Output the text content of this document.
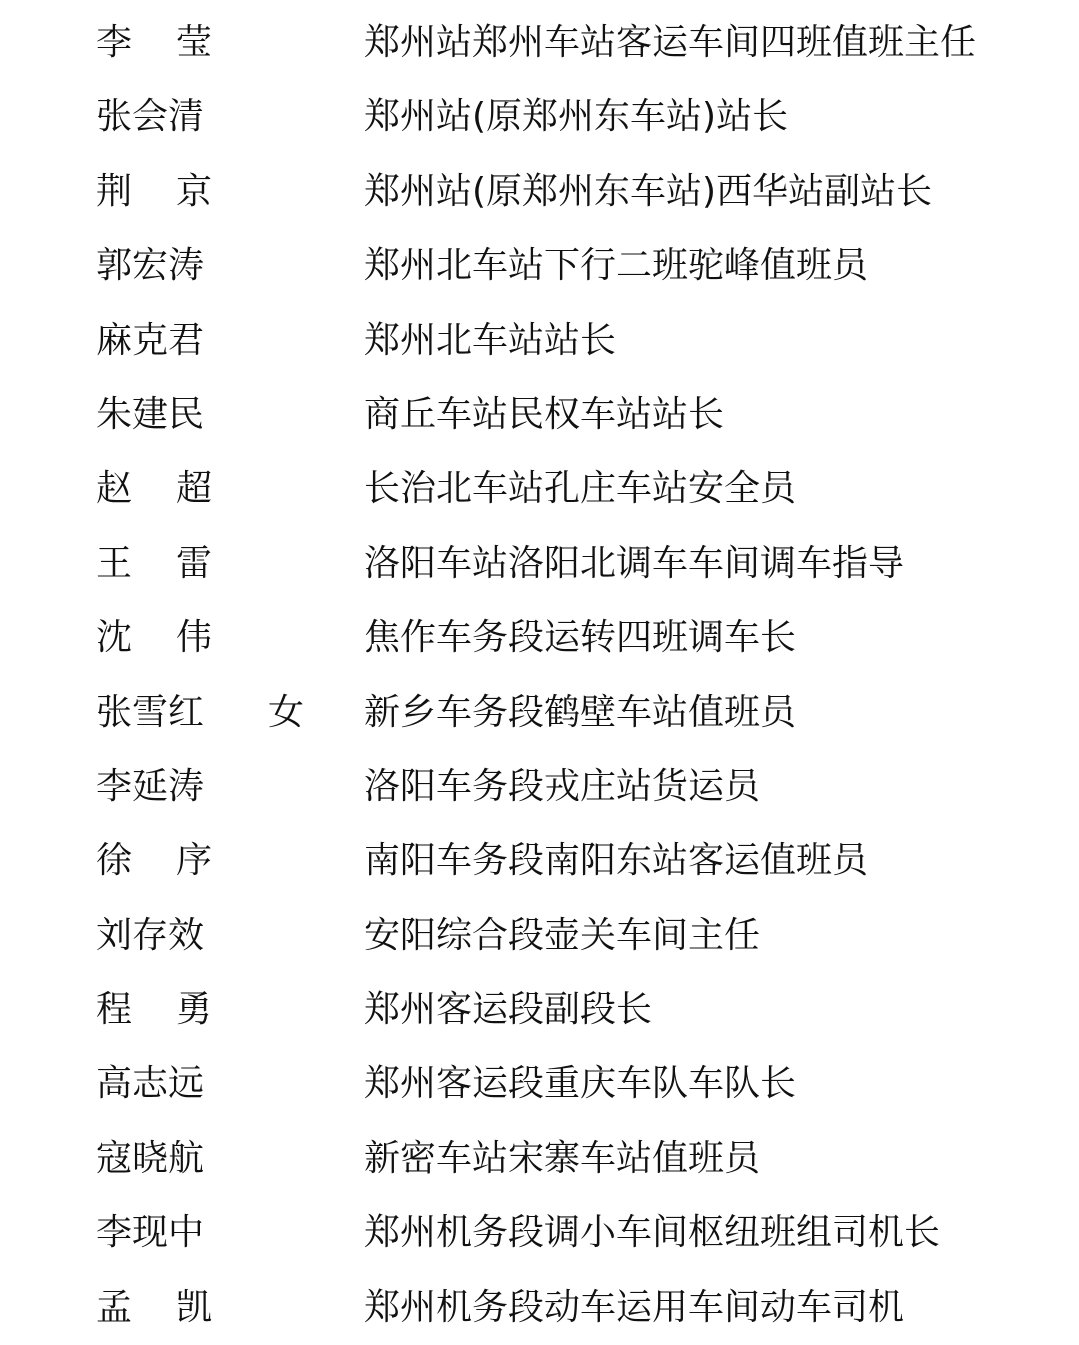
李 莹	郑州站郑州车站客运车间四班值班主任
张会清	郑州站(原郑州东车站)站长
荆 京	郑州站(原郑州东车站)西华站副站长
郭宏涛	郑州北车站下行二班驼峰值班员
麻克君	郑州北车站站长
朱建民	商丘车站民权车站站长
赵 超	长治北车站孔庄车站安全员
王 雷	洛阳车站洛阳北调车车间调车指导
沈 伟	焦作车务段运转四班调车长
张雪红 女 新乡车务段鹤壁车站值班员
李延涛	洛阳车务段戎庄站货运员
徐 序	南阳车务段南阳东站客运值班员
刘存效	安阳综合段壶关车间主任
程 勇	郑州客运段副段长
高志远	郑州客运段重庆车队车队长
寇晓航	新密车站宋寨车站值班员
李现中	郑州机务段调小车间枢纽班组司机长
孟 凯	郑州机务段动车运用车间动车司机
